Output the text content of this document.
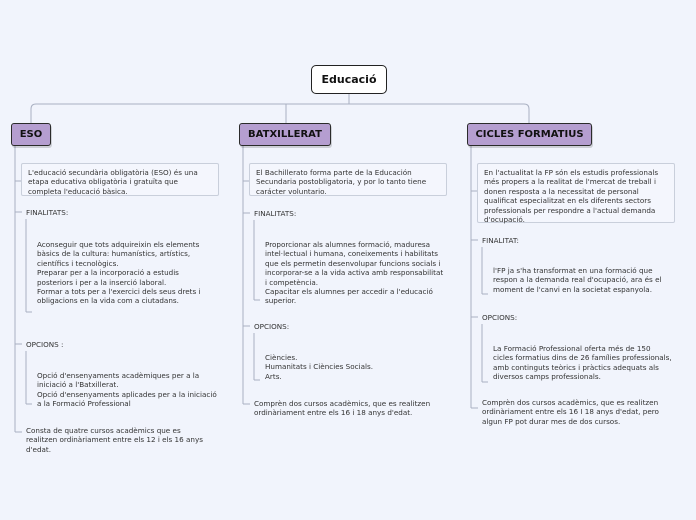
Educació
ESO
L'educació secundària obligatòria (ESO) és una etapa educativa obligatòria i gratuïta que completa l'educació bàsica.
FINALITATS:
Aconseguir que tots adquireixin els elements
bàsics de la cultura: humanístics, artístics,
científics i tecnològics.
Preparar per a la incorporació a estudis
posteriors i per a la inserció laboral.
Formar a tots per a l'exercici dels seus drets i
obligacions en la vida com a ciutadans.
OPCIONS :
Opció d'ensenyaments acadèmiques per a la
iniciació a l'Batxillerat.
Opció d'ensenyaments aplicades per a la iniciació
a la Formació Professional
Consta de quatre cursos acadèmics que es
realitzen ordinàriament entre els 12 i els 16 anys
d'edat.
BATXILLERAT
El Bachillerato forma parte de la Educación Secundaria postobligatoria, y por lo tanto tiene carácter voluntario.
FINALITATS:
Proporcionar als alumnes formació, maduresa
intel·lectual i humana, coneixements i habilitats
que els permetin desenvolupar funcions socials i
incorporar-se a la vida activa amb responsabilitat
i competència.
Capacitar els alumnes per accedir a l'educació
superior.
OPCIONS:
Ciències.
Humanitats i Ciències Socials.
Arts.
Comprèn dos cursos acadèmics, que es realitzen
ordinàriament entre els 16 i 18 anys d'edat.
CICLES FORMATIUS
En l'actualitat la FP són els estudis professionals més propers a la realitat de l'mercat de treball i donen resposta a la necessitat de personal qualificat especialitzat en els diferents sectors professionals per respondre a l'actual demanda d'ocupació.
FINALITAT:
l'FP ja s'ha transformat en una formació que
respon a la demanda real d'ocupació, ara és el
moment de l'canvi en la societat espanyola.
OPCIONS:
La Formació Professional oferta més de 150
cicles formatius dins de 26 famílies professionals,
amb continguts teòrics i pràctics adequats als
diversos camps professionals.
Comprèn dos cursos acadèmics, que es realitzen
ordinàriament entre els 16 I 18 anys d'edat, pero
algun FP pot durar mes de dos cursos.
